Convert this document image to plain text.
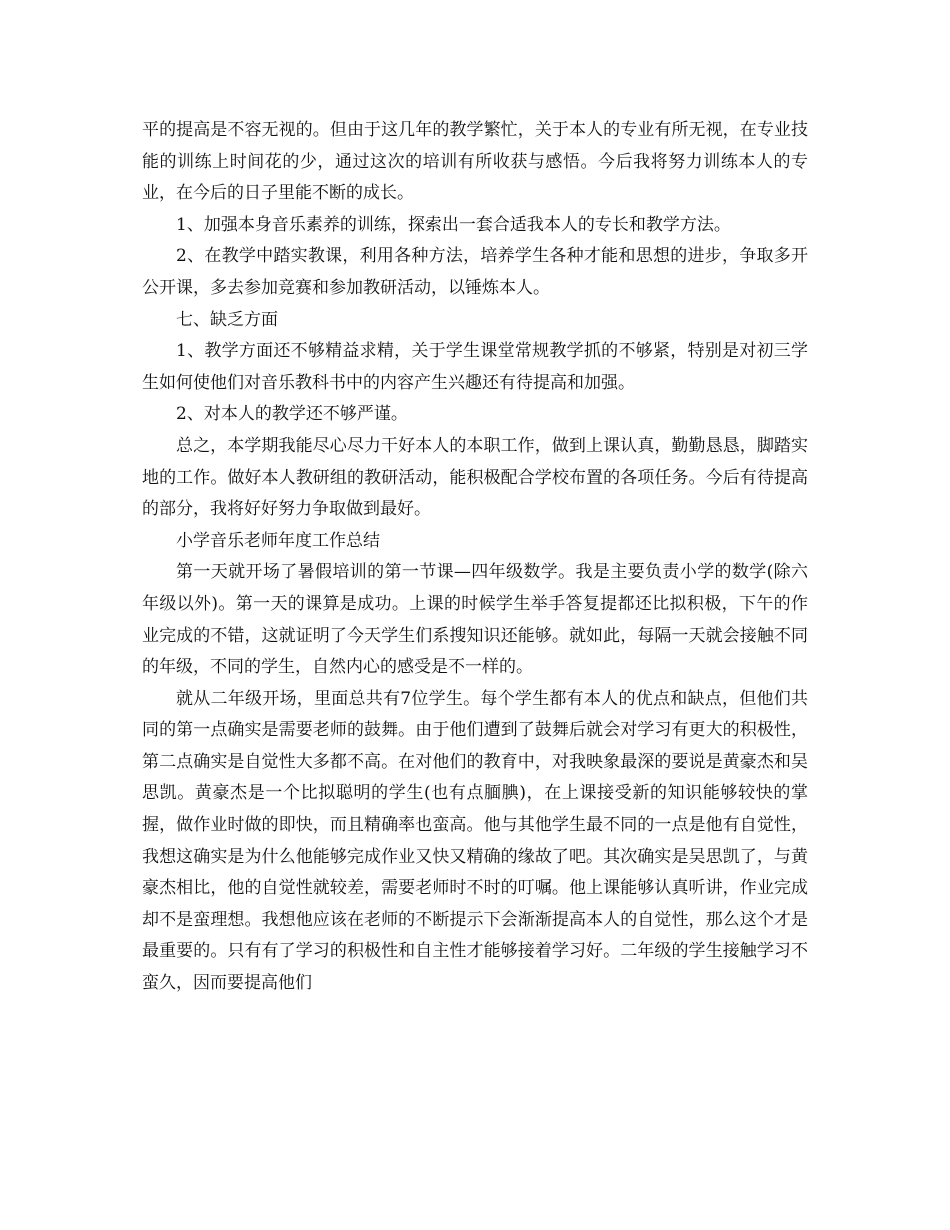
平的提高是不容无视的。但由于这几年的教学繁忙，关于本人的专业有所无视，在专业技能的训练上时间花的少，通过这次的培训有所收获与感悟。今后我将努力训练本人的专业，在今后的日子里能不断的成长。

1、加强本身音乐素养的训练，探索出一套合适我本人的专长和教学方法。

2、在教学中踏实教课，利用各种方法，培养学生各种才能和思想的进步，争取多开公开课，多去参加竞赛和参加教研活动，以锤炼本人。

七、缺乏方面

1、教学方面还不够精益求精，关于学生课堂常规教学抓的不够紧，特别是对初三学生如何使他们对音乐教科书中的内容产生兴趣还有待提高和加强。

2、对本人的教学还不够严谨。

总之，本学期我能尽心尽力干好本人的本职工作，做到上课认真，勤勤恳恳，脚踏实地的工作。做好本人教研组的教研活动，能积极配合学校布置的各项任务。今后有待提高的部分，我将好好努力争取做到最好。

小学音乐老师年度工作总结

第一天就开场了暑假培训的第一节课—四年级数学。我是主要负责小学的数学(除六年级以外)。第一天的课算是成功。上课的时候学生举手答复提都还比拟积极，下午的作业完成的不错，这就证明了今天学生们系搜知识还能够。就如此，每隔一天就会接触不同的年级，不同的学生，自然内心的感受是不一样的。

就从二年级开场，里面总共有7位学生。每个学生都有本人的优点和缺点，但他们共同的第一点确实是需要老师的鼓舞。由于他们遭到了鼓舞后就会对学习有更大的积极性，第二点确实是自觉性大多都不高。在对他们的教育中，对我映象最深的要说是黄豪杰和吴思凯。黄豪杰是一个比拟聪明的学生(也有点腼腆)，在上课接受新的知识能够较快的掌握，做作业时做的即快，而且精确率也蛮高。他与其他学生最不同的一点是他有自觉性，我想这确实是为什么他能够完成作业又快又精确的缘故了吧。其次确实是吴思凯了，与黄豪杰相比，他的自觉性就较差，需要老师时不时的叮嘱。他上课能够认真听讲，作业完成却不是蛮理想。我想他应该在老师的不断提示下会渐渐提高本人的自觉性，那么这个才是最重要的。只有有了学习的积极性和自主性才能够接着学习好。二年级的学生接触学习不蛮久，因而要提高他们
